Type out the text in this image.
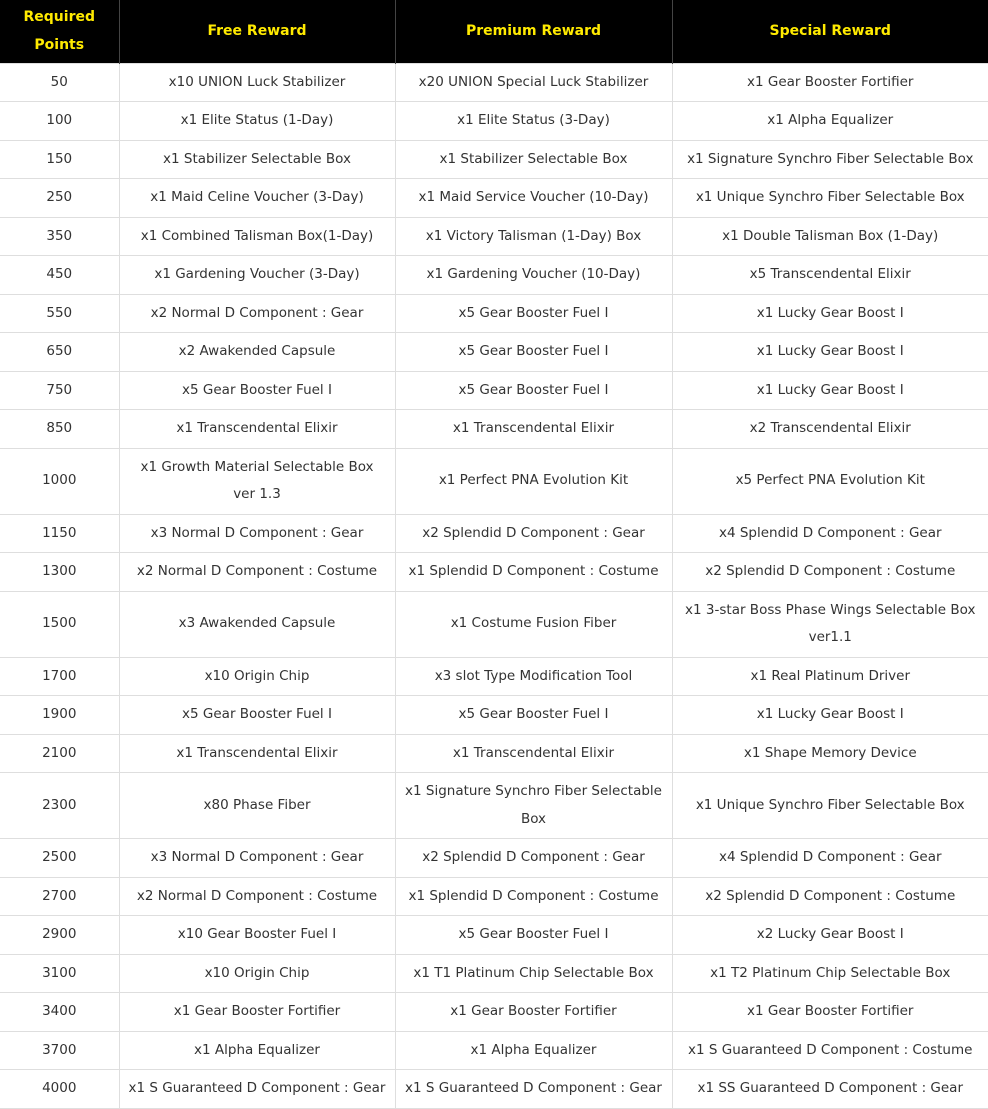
Required Points	Free Reward	Premium Reward	Special Reward
50	x10 UNION Luck Stabilizer	x20 UNION Special Luck Stabilizer	x1 Gear Booster Fortifier
100	x1 Elite Status (1-Day)	x1 Elite Status (3-Day)	x1 Alpha Equalizer
150	x1 Stabilizer Selectable Box	x1 Stabilizer Selectable Box	x1 Signature Synchro Fiber Selectable Box
250	x1 Maid Celine Voucher (3-Day)	x1 Maid Service Voucher (10-Day)	x1 Unique Synchro Fiber Selectable Box
350	x1 Combined Talisman Box(1-Day)	x1 Victory Talisman (1-Day) Box	x1 Double Talisman Box (1-Day)
450	x1 Gardening Voucher (3-Day)	x1 Gardening Voucher (10-Day)	x5 Transcendental Elixir
550	x2 Normal D Component : Gear	x5 Gear Booster Fuel I	x1 Lucky Gear Boost I
650	x2 Awakended Capsule	x5 Gear Booster Fuel I	x1 Lucky Gear Boost I
750	x5 Gear Booster Fuel I	x5 Gear Booster Fuel I	x1 Lucky Gear Boost I
850	x1 Transcendental Elixir	x1 Transcendental Elixir	x2 Transcendental Elixir
1000	x1 Growth Material Selectable Box ver 1.3	x1 Perfect PNA Evolution Kit	x5 Perfect PNA Evolution Kit
1150	x3 Normal D Component : Gear	x2 Splendid D Component : Gear	x4 Splendid D Component : Gear
1300	x2 Normal D Component : Costume	x1 Splendid D Component : Costume	x2 Splendid D Component : Costume
1500	x3 Awakended Capsule	x1 Costume Fusion Fiber	x1 3-star Boss Phase Wings Selectable Box ver1.1
1700	x10 Origin Chip	x3 slot Type Modification Tool	x1 Real Platinum Driver
1900	x5 Gear Booster Fuel I	x5 Gear Booster Fuel I	x1 Lucky Gear Boost I
2100	x1 Transcendental Elixir	x1 Transcendental Elixir	x1 Shape Memory Device
2300	x80 Phase Fiber	x1 Signature Synchro Fiber Selectable Box	x1 Unique Synchro Fiber Selectable Box
2500	x3 Normal D Component : Gear	x2 Splendid D Component : Gear	x4 Splendid D Component : Gear
2700	x2 Normal D Component : Costume	x1 Splendid D Component : Costume	x2 Splendid D Component : Costume
2900	x10 Gear Booster Fuel I	x5 Gear Booster Fuel I	x2 Lucky Gear Boost I
3100	x10 Origin Chip	x1 T1 Platinum Chip Selectable Box	x1 T2 Platinum Chip Selectable Box
3400	x1 Gear Booster Fortifier	x1 Gear Booster Fortifier	x1 Gear Booster Fortifier
3700	x1 Alpha Equalizer	x1 Alpha Equalizer	x1 S Guaranteed D Component : Costume
4000	x1 S Guaranteed D Component : Gear	x1 S Guaranteed D Component : Gear	x1 SS Guaranteed D Component : Gear
